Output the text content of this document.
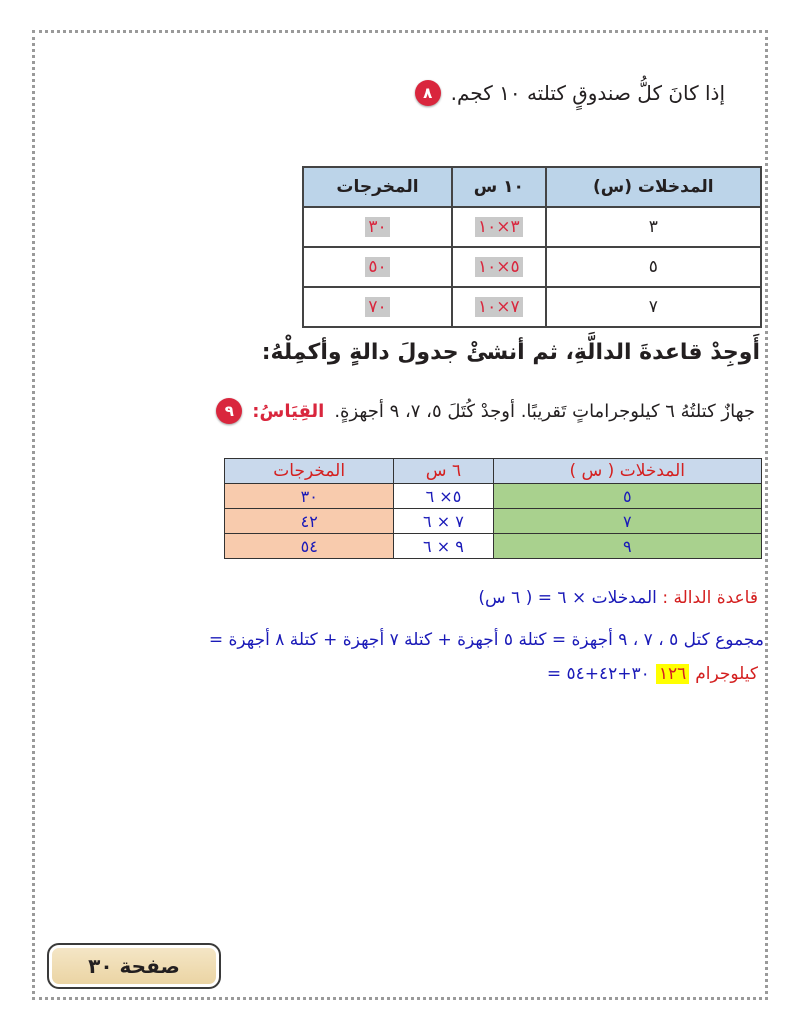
٨ إذا كانَ كلُّ صندوقٍ كتلته ١٠ كجم.
المدخلات (س)	١٠ س	المخرجات
٣	٣×١٠	٣٠
٥	٥×١٠	٥٠
٧	٧×١٠	٧٠
أَوجِدْ قاعدةَ الدالَّةِ، ثم أنشئْ جدولَ دالةٍ وأكمِلْهُ:
٩	القِيَاسُ: جهازٌ كتلتُهُ ٦ كيلوجراماتٍ تَقريبًا. أوجدْ كُتَلَ ٥، ٧، ٩ أجهزةٍ.
المدخلات ( س )	٦ س	المخرجات
٥	٥× ٦	٣٠
٧	٧ × ٦	٤٢
٩	٩ × ٦	٥٤
قاعدة الدالة : المدخلات × ٦ = ( ٦ س)
مجموع كتل ٥ ، ٧ ، ٩ أجهزة = كتلة ٥ أجهزة + كتلة ٧ أجهزة + كتلة ٨ أجهزة =
٣٠+٤٢+٥٤ = ١٢٦ كيلوجرام
صفحة ٣٠
